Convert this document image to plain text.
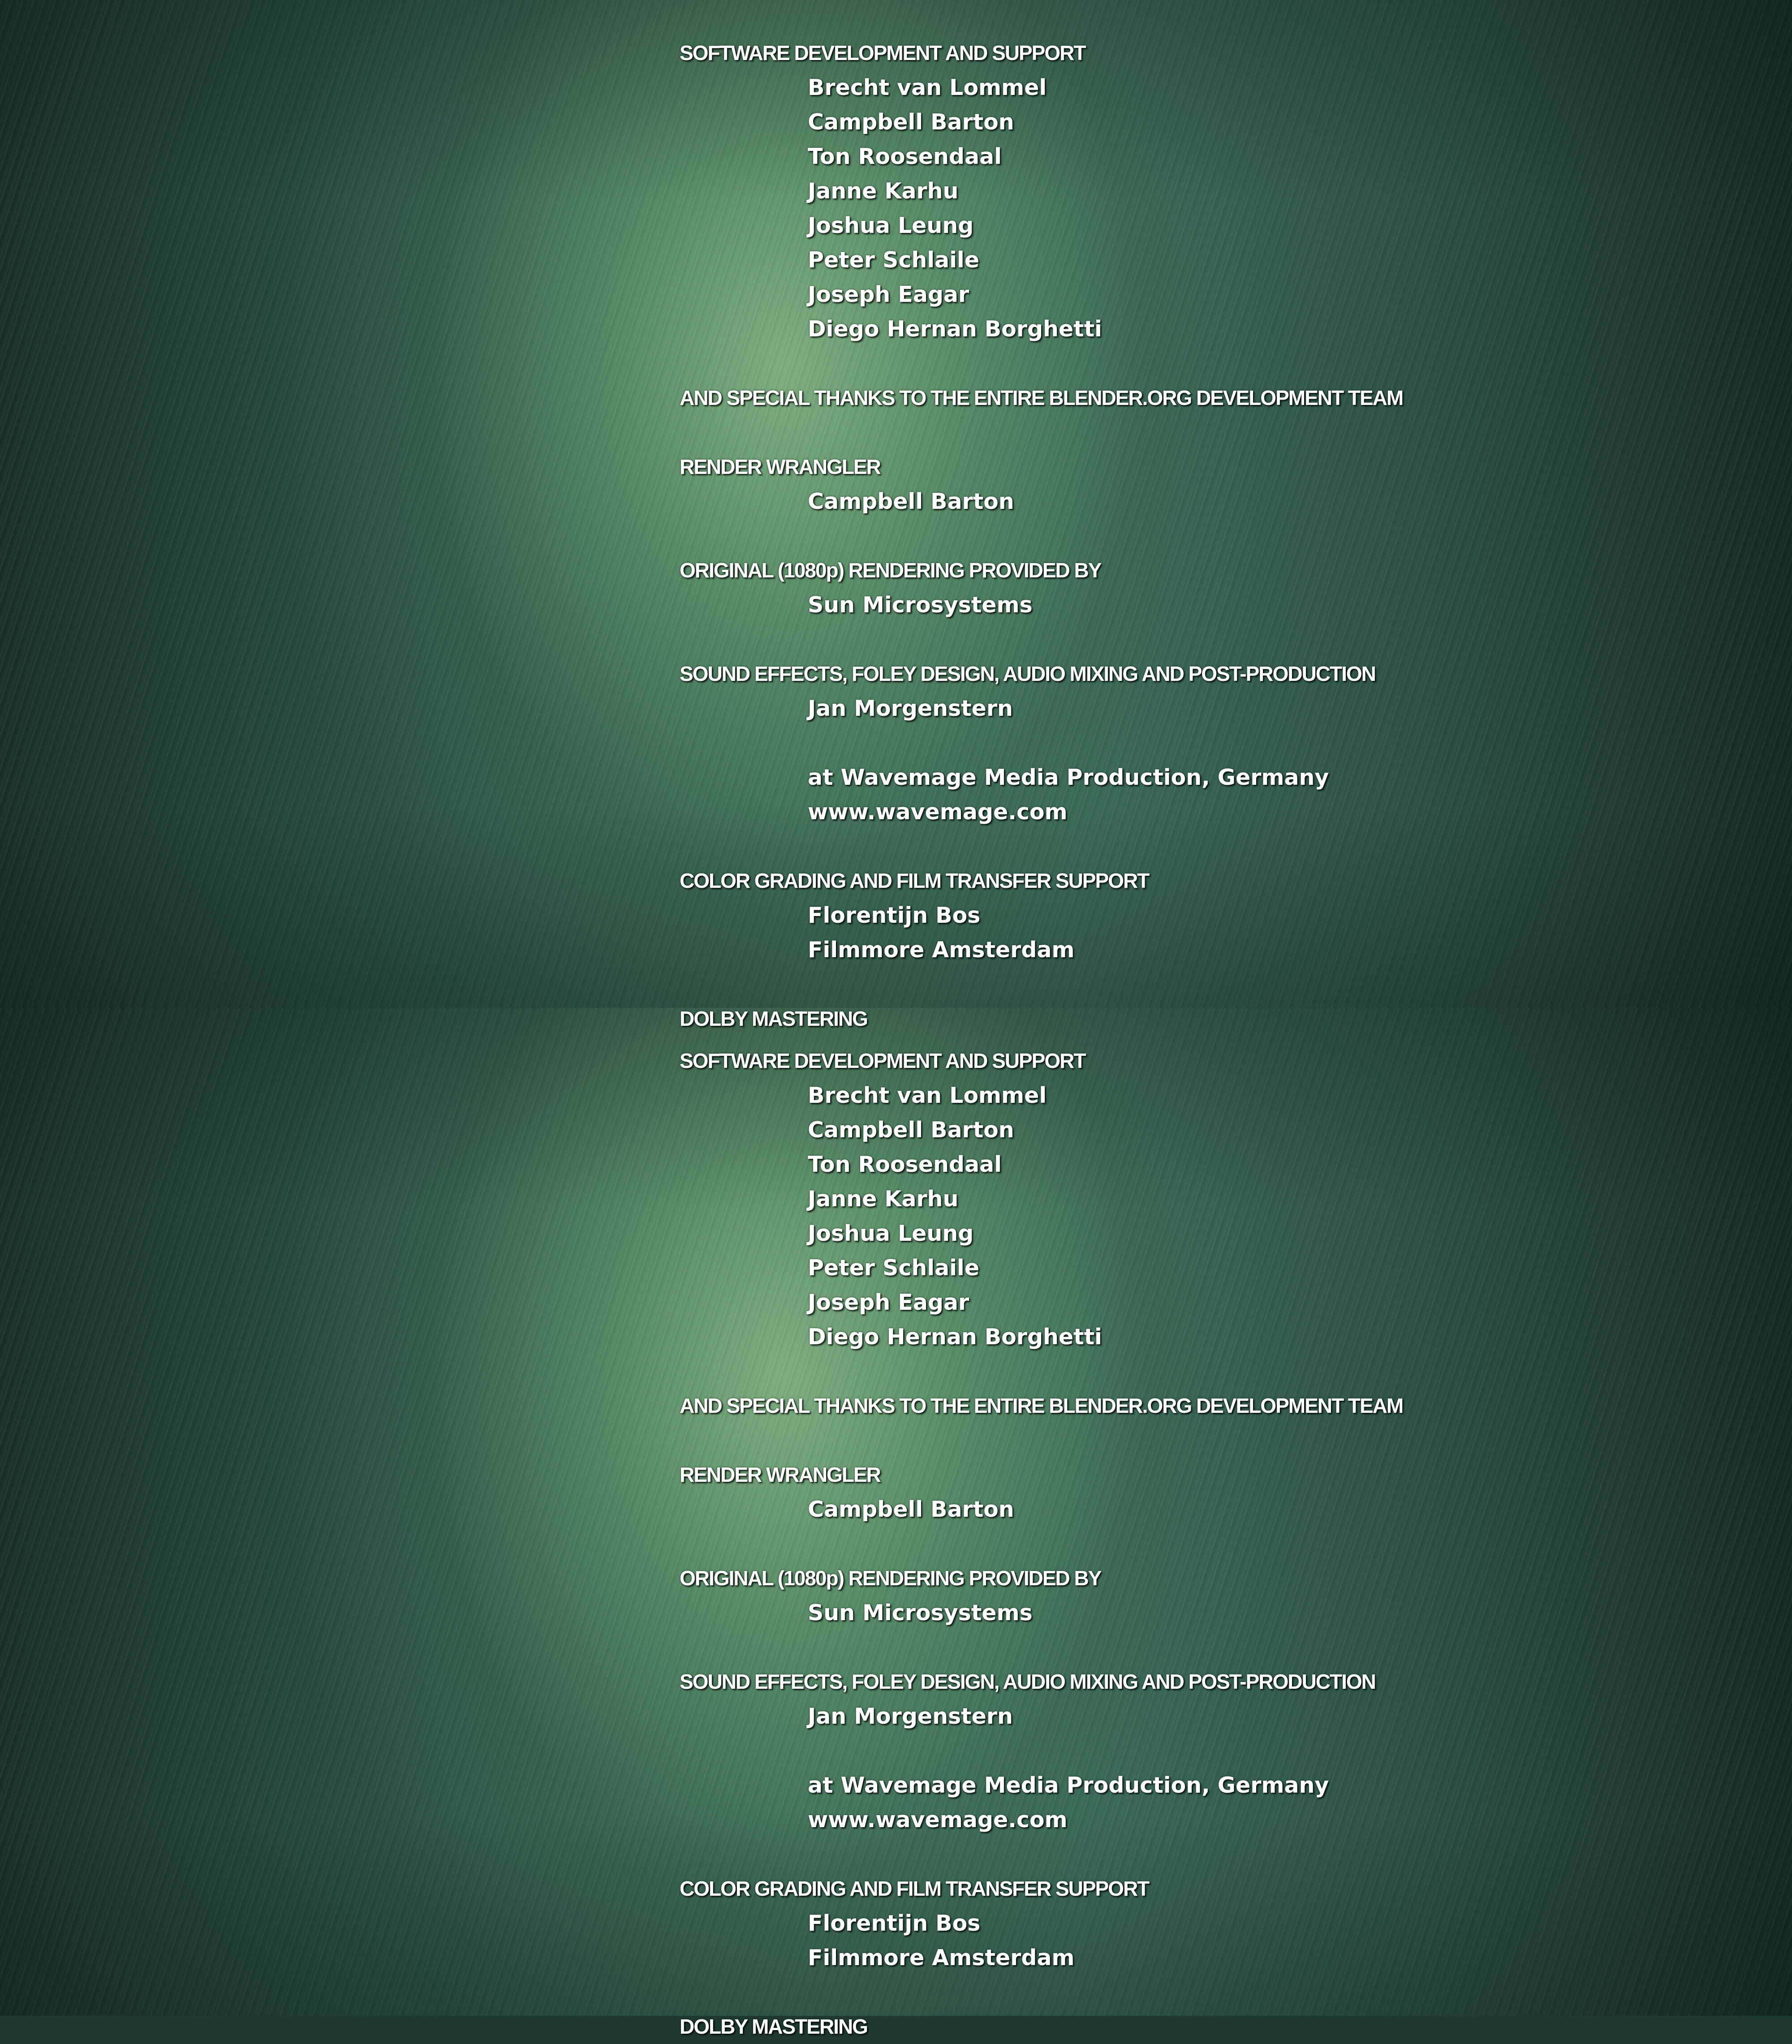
SOFTWARE DEVELOPMENT AND SUPPORT
Brecht van Lommel
Campbell Barton
Ton Roosendaal
Janne Karhu
Joshua Leung
Peter Schlaile
Joseph Eagar
Diego Hernan Borghetti
AND SPECIAL THANKS TO THE ENTIRE BLENDER.ORG DEVELOPMENT TEAM
RENDER WRANGLER
Campbell Barton
ORIGINAL (1080p) RENDERING PROVIDED BY
Sun Microsystems
SOUND EFFECTS, FOLEY DESIGN, AUDIO MIXING AND POST-PRODUCTION
Jan Morgenstern
at Wavemage Media Production, Germany
www.wavemage.com
COLOR GRADING AND FILM TRANSFER SUPPORT
Florentijn Bos
Filmmore Amsterdam
SOFTWARE DEVELOPMENT AND SUPPORT
Brecht van Lommel
Campbell Barton
Ton Roosendaal
Janne Karhu
Joshua Leung
Peter Schlaile
Joseph Eagar
Diego Hernan Borghetti
AND SPECIAL THANKS TO THE ENTIRE BLENDER.ORG DEVELOPMENT TEAM
RENDER WRANGLER
Campbell Barton
ORIGINAL (1080p) RENDERING PROVIDED BY
Sun Microsystems
SOUND EFFECTS, FOLEY DESIGN, AUDIO MIXING AND POST-PRODUCTION
Jan Morgenstern
at Wavemage Media Production, Germany
www.wavemage.com
COLOR GRADING AND FILM TRANSFER SUPPORT
Florentijn Bos
Filmmore Amsterdam
DOLBY MASTERING
